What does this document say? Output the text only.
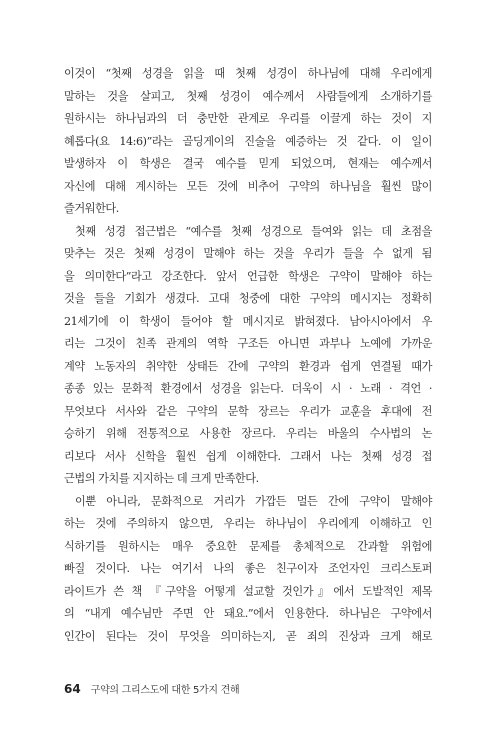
이것이 “첫째 성경을 읽을 때 첫째 성경이 하나님에 대해 우리에게
말하는 것을 살피고, 첫째 성경이 예수께서 사람들에게 소개하기를
원하시는 하나님과의 더 충만한 관계로 우리를 이끌게 하는 것이 지
혜롭다(요 14:6)”라는 골딩게이의 진술을 예증하는 것 같다. 이 일이
발생하자 이 학생은 결국 예수를 믿게 되었으며, 현재는 예수께서
자신에 대해 계시하는 모든 것에 비추어 구약의 하나님을 훨씬 많이
즐거워한다.
첫째 성경 접근법은 “예수를 첫째 성경으로 들여와 읽는 데 초점을
맞추는 것은 첫째 성경이 말해야 하는 것을 우리가 들을 수 없게 됨
을 의미한다”라고 강조한다. 앞서 언급한 학생은 구약이 말해야 하는
것을 들을 기회가 생겼다. 고대 청중에 대한 구약의 메시지는 정확히
21세기에 이 학생이 들어야 할 메시지로 밝혀졌다. 남아시아에서 우
리는 그것이 친족 관계의 역학 구조든 아니면 과부나 노예에 가까운
계약 노동자의 취약한 상태든 간에 구약의 환경과 쉽게 연결될 때가
종종 있는 문화적 환경에서 성경을 읽는다. 더욱이 시 · 노래 · 격언 ·
무엇보다 서사와 같은 구약의 문학 장르는 우리가 교훈을 후대에 전
승하기 위해 전통적으로 사용한 장르다. 우리는 바울의 수사법의 논
리보다 서사 신학을 훨씬 쉽게 이해한다. 그래서 나는 첫째 성경 접
근법의 가치를 지지하는 데 크게 만족한다.
이뿐 아니라, 문화적으로 거리가 가깝든 멀든 간에 구약이 말해야
하는 것에 주의하지 않으면, 우리는 하나님이 우리에게 이해하고 인
식하기를 원하시는 매우 중요한 문제를 총체적으로 간과할 위험에
빠질 것이다. 나는 여기서 나의 좋은 친구이자 조언자인 크리스토퍼
라이트가 쓴 책 『구약을 어떻게 설교할 것인가』에서 도발적인 제목
의 “내게 예수님만 주면 안 돼요.”에서 인용한다. 하나님은 구약에서
인간이 된다는 것이 무엇을 의미하는지, 곧 죄의 진상과 크게 해로
64 구약의 그리스도에 대한 5가지 견해
